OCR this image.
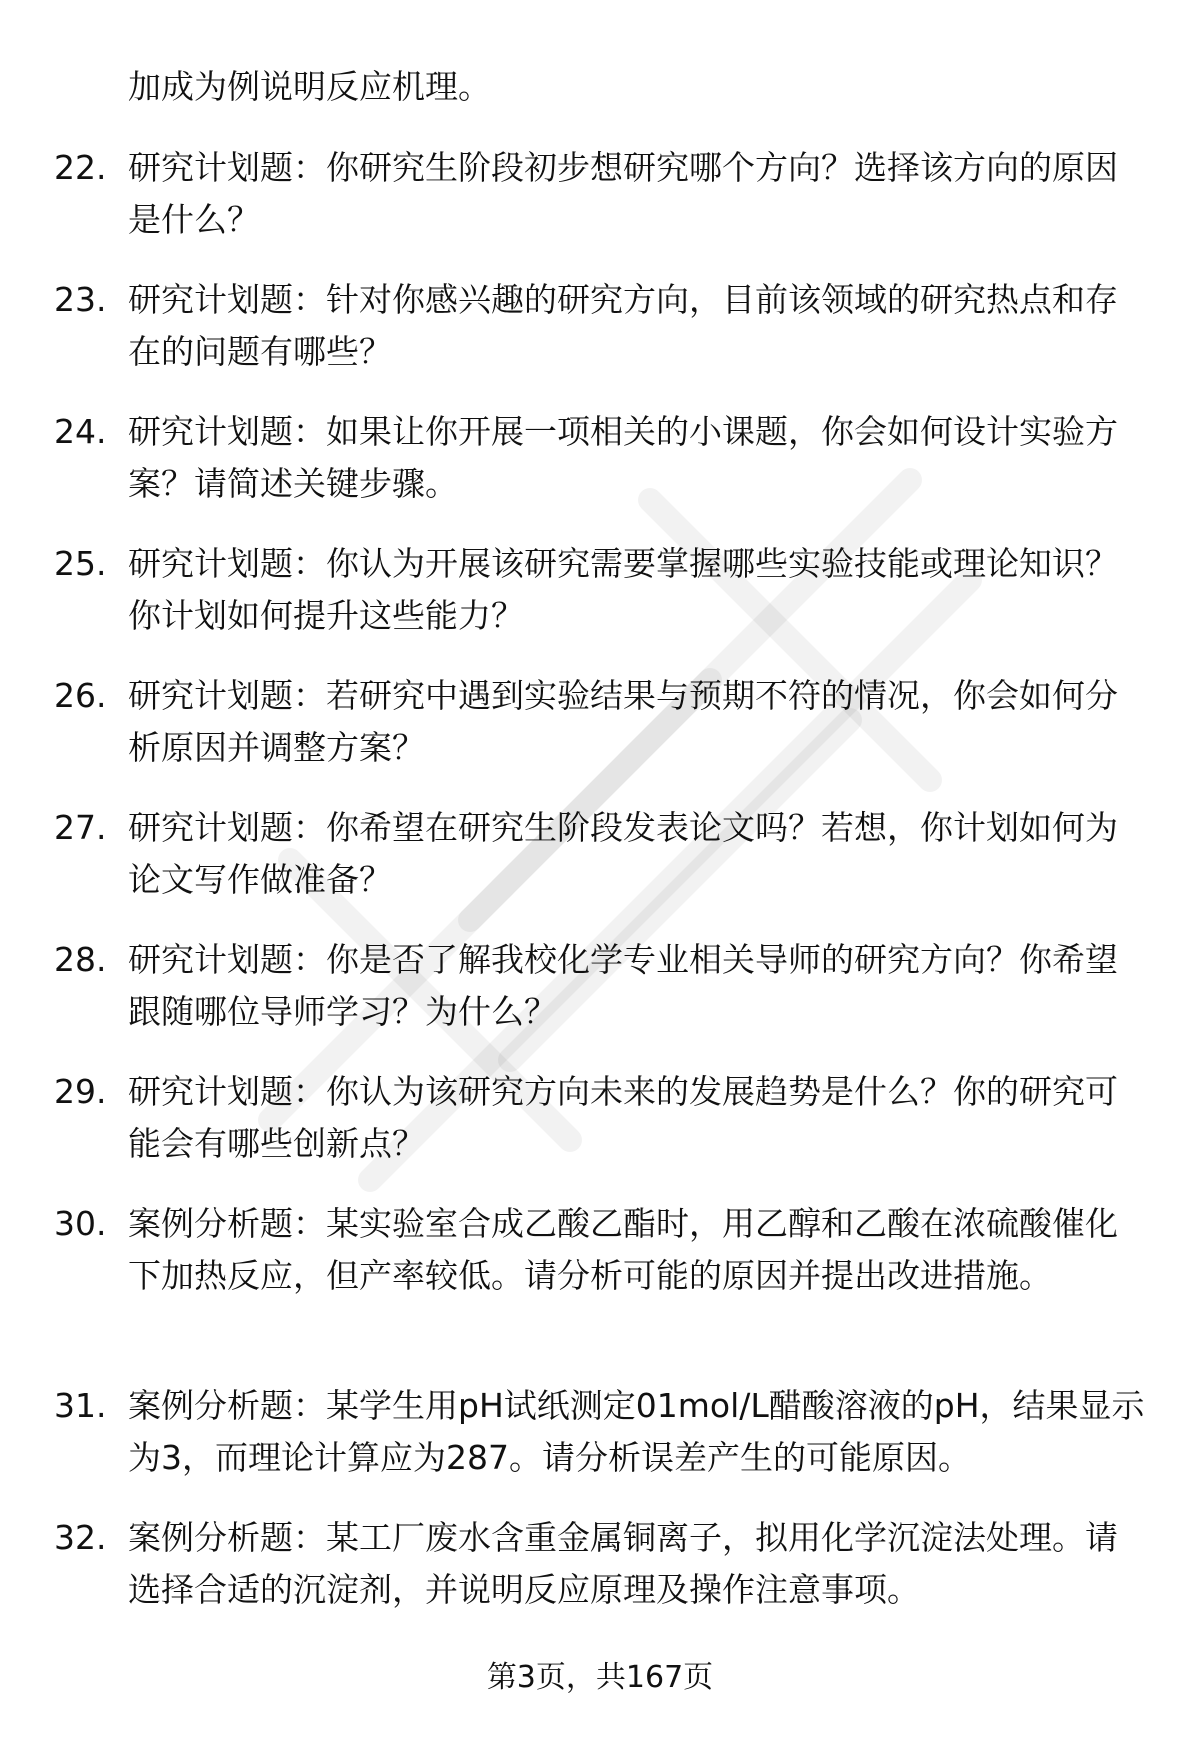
加成为例说明反应机理。
22. 研究计划题：你研究生阶段初步想研究哪个方向？选择该方向的原因是什么？
23. 研究计划题：针对你感兴趣的研究方向，目前该领域的研究热点和存在的问题有哪些？
24. 研究计划题：如果让你开展一项相关的小课题，你会如何设计实验方案？请简述关键步骤。
25. 研究计划题：你认为开展该研究需要掌握哪些实验技能或理论知识？你计划如何提升这些能力？
26. 研究计划题：若研究中遇到实验结果与预期不符的情况，你会如何分析原因并调整方案？
27. 研究计划题：你希望在研究生阶段发表论文吗？若想，你计划如何为论文写作做准备？
28. 研究计划题：你是否了解我校化学专业相关导师的研究方向？你希望跟随哪位导师学习？为什么？
29. 研究计划题：你认为该研究方向未来的发展趋势是什么？你的研究可能会有哪些创新点？
30. 案例分析题：某实验室合成乙酸乙酯时，用乙醇和乙酸在浓硫酸催化下加热反应，但产率较低。请分析可能的原因并提出改进措施。
31. 案例分析题：某学生用pH试纸测定01mol/L醋酸溶液的pH，结果显示为3，而理论计算应为287。请分析误差产生的可能原因。
32. 案例分析题：某工厂废水含重金属铜离子，拟用化学沉淀法处理。请选择合适的沉淀剂，并说明反应原理及操作注意事项。
第3页，共167页
